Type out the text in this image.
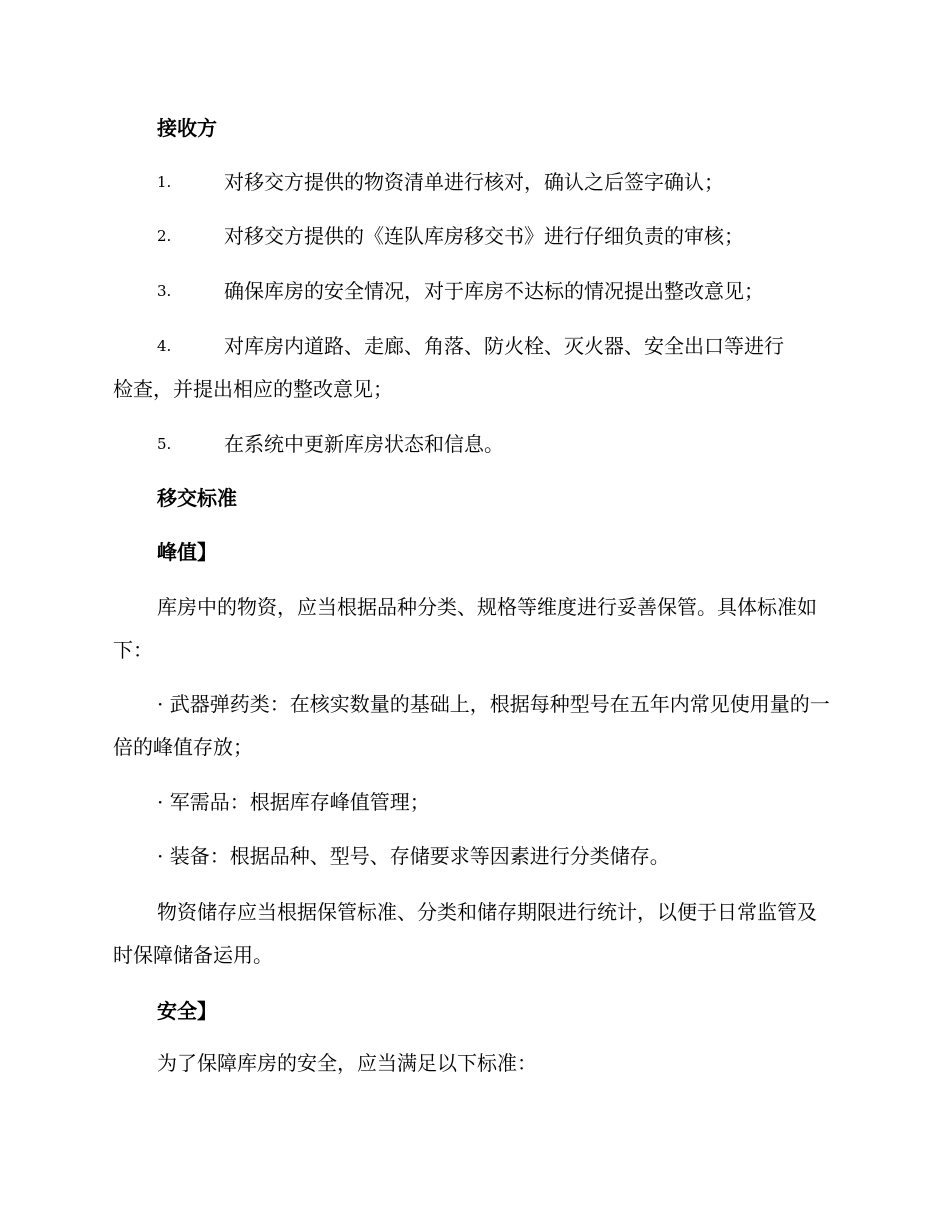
接收方
1.	对移交方提供的物资清单进行核对，确认之后签字确认；
2.	对移交方提供的《连队库房移交书》进行仔细负责的审核；
3.	确保库房的安全情况，对于库房不达标的情况提出整改意见；
4.	对库房内道路、走廊、角落、防火栓、灭火器、安全出口等进行
检查，并提出相应的整改意见；
5.	在系统中更新库房状态和信息。
移交标准
峰值】
库房中的物资，应当根据品种分类、规格等维度进行妥善保管。具体标准如下：
· 武器弹药类：在核实数量的基础上，根据每种型号在五年内常见使用量的一倍的峰值存放；
· 军需品：根据库存峰值管理；
· 装备：根据品种、型号、存储要求等因素进行分类储存。
物资储存应当根据保管标准、分类和储存期限进行统计，以便于日常监管及时保障储备运用。
安全】
为了保障库房的安全，应当满足以下标准：
